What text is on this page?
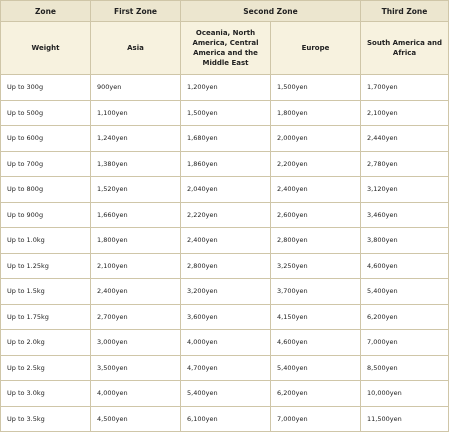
Zone	First Zone	Second Zone		Third Zone
Weight	Asia	Oceania, North America, Central America and the Middle East	Europe	South America and Africa
Up to 300g	900yen	1,200yen	1,500yen	1,700yen
Up to 500g	1,100yen	1,500yen	1,800yen	2,100yen
Up to 600g	1,240yen	1,680yen	2,000yen	2,440yen
Up to 700g	1,380yen	1,860yen	2,200yen	2,780yen
Up to 800g	1,520yen	2,040yen	2,400yen	3,120yen
Up to 900g	1,660yen	2,220yen	2,600yen	3,460yen
Up to 1.0kg	1,800yen	2,400yen	2,800yen	3,800yen
Up to 1.25kg	2,100yen	2,800yen	3,250yen	4,600yen
Up to 1.5kg	2,400yen	3,200yen	3,700yen	5,400yen
Up to 1.75kg	2,700yen	3,600yen	4,150yen	6,200yen
Up to 2.0kg	3,000yen	4,000yen	4,600yen	7,000yen
Up to 2.5kg	3,500yen	4,700yen	5,400yen	8,500yen
Up to 3.0kg	4,000yen	5,400yen	6,200yen	10,000yen
Up to 3.5kg	4,500yen	6,100yen	7,000yen	11,500yen
